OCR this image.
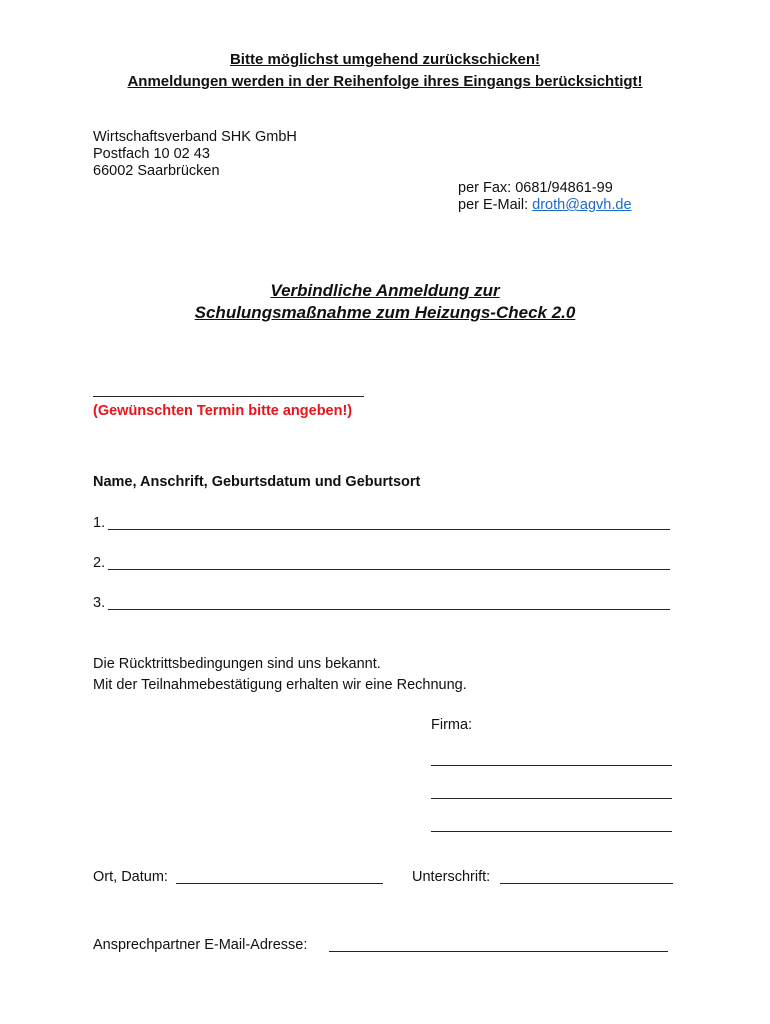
Bitte möglichst umgehend zurückschicken!
Anmeldungen werden in der Reihenfolge ihres Eingangs berücksichtigt!
Wirtschaftsverband SHK GmbH
Postfach 10 02 43
66002 Saarbrücken
per Fax: 0681/94861-99
per E-Mail: droth@agvh.de
Verbindliche Anmeldung zur
Schulungsmaßnahme zum Heizungs-Check 2.0
(Gewünschten Termin bitte angeben!)
Name, Anschrift, Geburtsdatum und Geburtsort
1.
2.
3.
Die Rücktrittsbedingungen sind uns bekannt.
Mit der Teilnahmebestätigung erhalten wir eine Rechnung.
Firma:
Ort, Datum:	Unterschrift:
Ansprechpartner E-Mail-Adresse:
